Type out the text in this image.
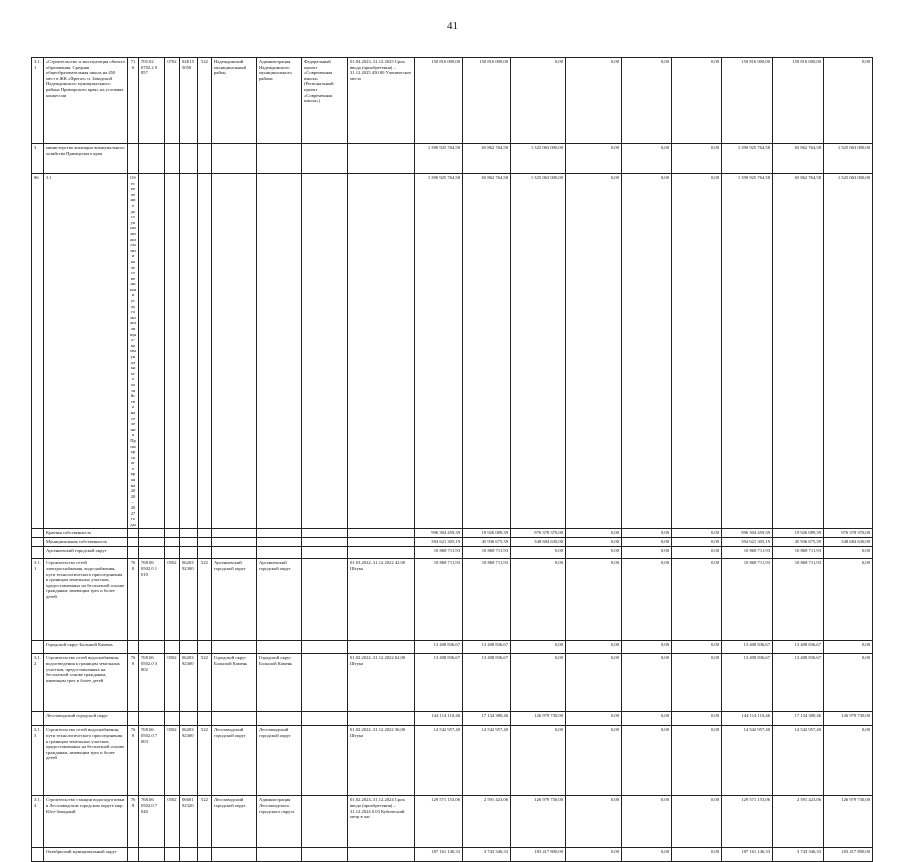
41
3.1.1	«Строительство и эксплуатация объекта образования. Средняя общеобразовательная школа на 450 мест в ЖК «Фрегат» п. Заводской Надеждинского муниципального района Приморского края» на условиях концессии	716	705.02 0702.2 0 857	0702	02Е15 5050	522	Надеждинский муниципальный район	Администрация Надеждинского муниципального района	Федеральный проект «Современная школа» (Региональный проект «Современная школа»)	01.04.2023–31.12.2025 Срок ввода (приобретения) – 31.12.2025 450.00 Ученическое место	150 816 000,00	150 816 000,00	0,00	0,00	0,00	0,00	150 816 000,00	150 816 000,00	0,00
3	министерство жилищно-коммунального хозяйства Приморского края										1 390 925 764,58	65 862 764,58	1 325 063 000,00	0,00	0,00	0,00	1 390 925 764,58	65 862 764,58	1 325 063 000,00
86	3.1	Обеспечение доступными жилыми и качественными услугами жилищно-коммунального хозяйства населения Приморского края на 2020–2027 годы									1 390 925 764,58	65 862 764,58	1 325 063 000,00	0,00	0,00	0,00	1 390 925 764,58	65 862 764,58	1 325 063 000,00
	Краевая собственность										996 304 459,39	19 926 089,39	976 378 370,00	0,00	0,00	0,00	996 304 459,39	19 926 089,39	976 378 370,00
	Муниципальная собственность										394 621 305,19	45 936 675,39	348 684 630,00	0,00	0,00	0,00	394 621 305,19	45 936 675,39	348 684 630,00
	Арсеньевский городской округ										10 868 711,93	10 868 711,93	0,00	0,00	0,00	0,00	10 868 711,93	10 868 711,93	0,00
3.1.1	Строительство сетей электроснабжения, водоснабжения, пути технологического присоединения к границам земельных участков, предоставленных на бесплатной основе гражданам, имеющим трех и более детей	768	768.06 0502.0 1 010	0502	06203 92300	522	Арсеньевский городской округ	Арсеньевский городской округ		01.03.2022–31.12.2022 42.00 Штука	10 868 711,93	10 868 711,93	0,00	0,00	0,00	0,00	10 868 711,93	10 868 711,93	0,00
	Городской округ Большой Камень										13 408 836,67	13 408 836,67	0,00	0,00	0,00	0,00	13 408 836,67	13 408 836,67	0,00
3.1.2	Строительство сетей водоснабжения, водоотведения к границам земельных участков, предоставленных на бесплатной основе гражданам, имеющим трех и более детей	768	768.06 0502.0 3 802	0502	06203 92300	522	Городской округ Большой Камень	Городской округ Большой Камень		01.02.2022–31.12.2022 62.00 Штука	13 408 836,67	13 408 836,67	0,00	0,00	0,00	0,00	13 408 836,67	13 408 836,67	0,00
	Лесозаводский городской округ										144 114 110,46	17 134 380,46	126 979 730,00	0,00	0,00	0,00	144 114 110,46	17 134 380,46	126 979 730,00
3.1.3	Строительство сетей водоснабжения, пути технологического присоединения к границам земельных участков, предоставленных на бесплатной основе гражданам, имеющим трех и более детей	768	768.06 0502.0 7 003	0502	06203 92300	522	Лесозаводский городской округ	Лесозаводский городской округ		01.02.2022–31.12.2022 36.00 Штука	14 542 957,40	14 542 957,40	0,00	0,00	0,00	0,00	14 542 957,40	14 542 957,40	0,00
3.1.4	Строительство станции водоподготовки в Лесозаводском городском округе мкр. Юго-Западный	768	768.06 0502.0 7 040	0502	06601 92320	522	Лесозаводский городской округ	Администрация Лесозаводского городского округа		01.02.2023–31.12.2024 Срок ввода (приобретения) – 31.12.2024 0.03 Кубический метр в час	129 571 153,06	2 591 423,06	126 979 730,00	0,00	0,00	0,00	129 571 153,06	2 591 423,06	126 979 730,00
	Октябрьский муниципальный округ										187 161 146,33	3 743 346,33	183 417 800,00	0,00	0,00	0,00	187 161 146,33	3 743 346,33	183 417 800,00
